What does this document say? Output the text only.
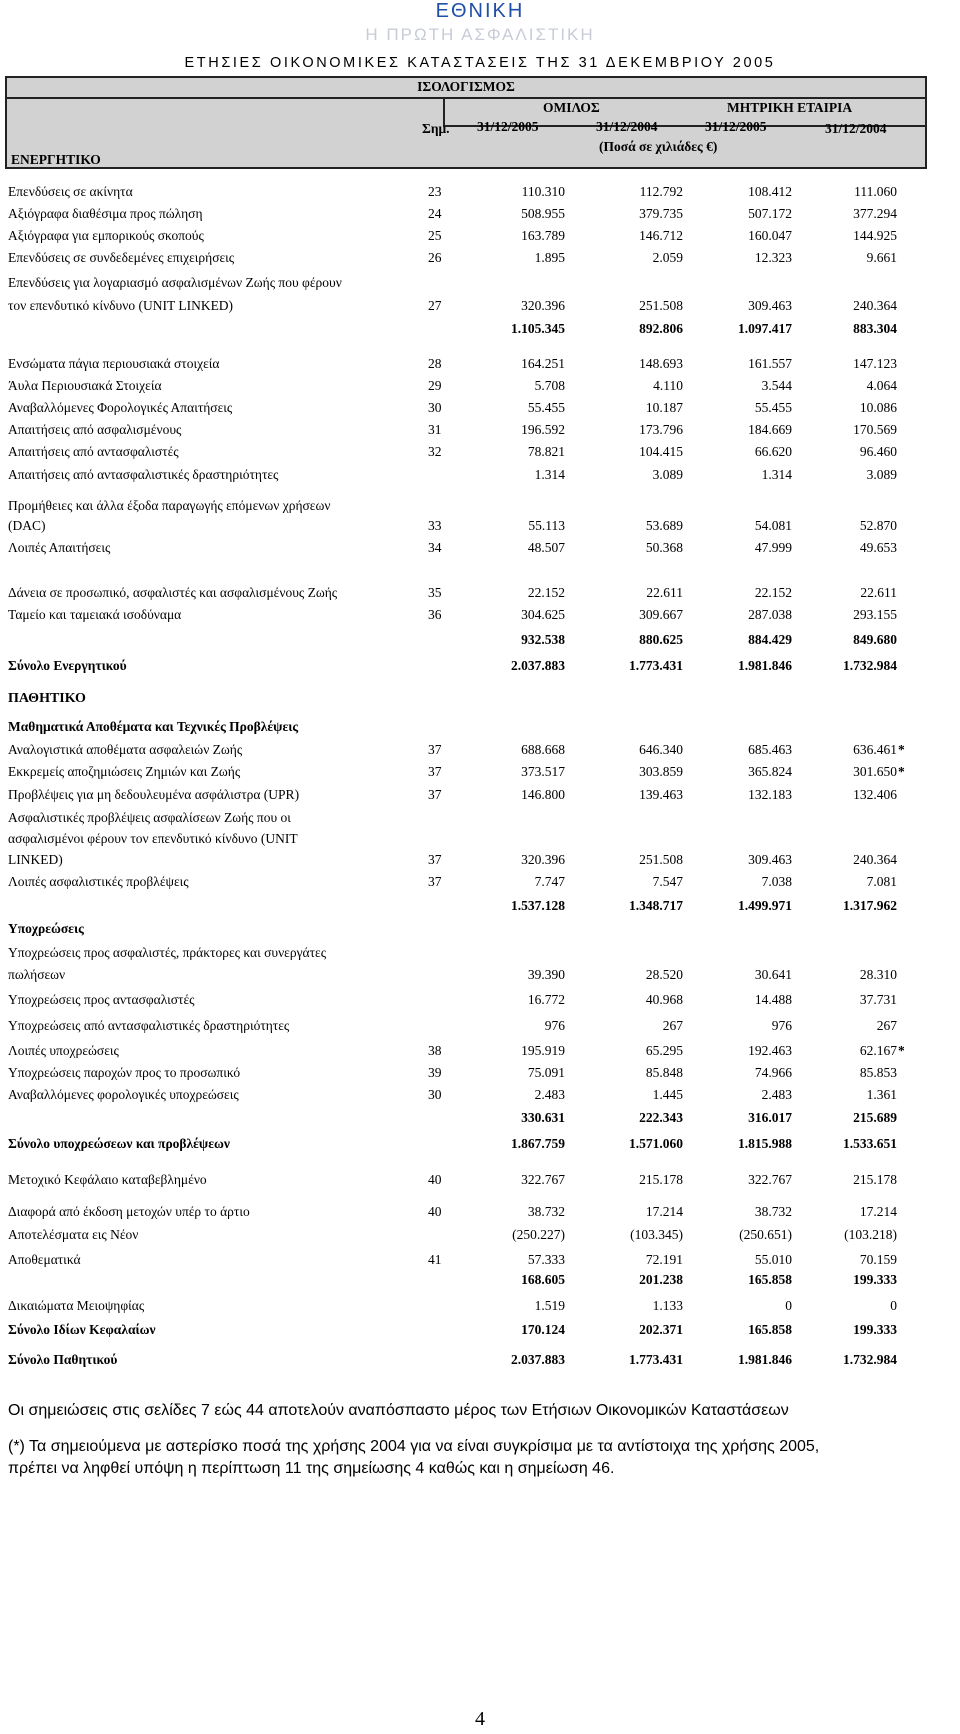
ΕΘΝΙΚΗ
Η ΠΡΩΤΗ ΑΣΦΑΛΙΣΤΙΚΗ
ΕΤΗΣΙΕΣ ΟΙΚΟΝΟΜΙΚΕΣ ΚΑΤΑΣΤΑΣΕΙΣ ΤΗΣ 31 ΔΕΚΕΜΒΡΙΟΥ 2005
ΙΣΟΛΟΓΙΣΜΟΣ
ΟΜΙΛΟΣ	ΜΗΤΡΙΚΗ ΕΤΑΙΡΙΑ
Σημ. 31/12/2005	31/12/2004	31/12/2005	31/12/2004
(Ποσά σε χιλιάδες €)
ΕΝΕΡΓΗΤΙΚΟ
Επενδύσεις σε ακίνητα	23	110.310	112.792	108.412	111.060
Αξιόγραφα διαθέσιμα προς πώληση	24	508.955	379.735	507.172	377.294
Αξιόγραφα για εμπορικούς σκοπούς	25	163.789	146.712	160.047	144.925
Επενδύσεις σε συνδεδεμένες επιχειρήσεις	26	1.895	2.059	12.323	9.661
Επενδύσεις για λογαριασμό ασφαλισμένων Ζωής που φέρουν
τον επενδυτικό κίνδυνο (UNIT LINKED)	27	320.396	251.508	309.463	240.364
1.105.345	892.806	1.097.417	883.304
Ενσώματα πάγια περιουσιακά στοιχεία	28	164.251	148.693	161.557	147.123
Άυλα Περιουσιακά Στοιχεία	29	5.708	4.110	3.544	4.064
Αναβαλλόμενες Φορολογικές Απαιτήσεις	30	55.455	10.187	55.455	10.086
Απαιτήσεις από ασφαλισμένους	31	196.592	173.796	184.669	170.569
Απαιτήσεις από αντασφαλιστές	32	78.821	104.415	66.620	96.460
Απαιτήσεις από αντασφαλιστικές δραστηριότητες	1.314	3.089	1.314	3.089
Προμήθειες και άλλα έξοδα παραγωγής επόμενων χρήσεων
(DAC)	33	55.113	53.689	54.081	52.870
Λοιπές Απαιτήσεις	34	48.507	50.368	47.999	49.653
Δάνεια σε προσωπικό, ασφαλιστές και ασφαλισμένους Ζωής	35	22.152	22.611	22.152	22.611
Ταμείο και ταμειακά ισοδύναμα	36	304.625	309.667	287.038	293.155
932.538	880.625	884.429	849.680
Σύνολο Ενεργητικού	2.037.883	1.773.431	1.981.846	1.732.984
ΠΑΘΗΤΙΚΟ
Μαθηματικά Αποθέματα και Τεχνικές Προβλέψεις
Αναλογιστικά αποθέματα ασφαλειών Ζωής	37	688.668	646.340	685.463	636.461 *
Εκκρεμείς αποζημιώσεις Ζημιών και Ζωής	37	373.517	303.859	365.824	301.650 *
Προβλέψεις για μη δεδουλευμένα ασφάλιστρα (UPR)	37	146.800	139.463	132.183	132.406
Ασφαλιστικές προβλέψεις ασφαλίσεων Ζωής που οι
ασφαλισμένοι φέρουν τον επενδυτικό κίνδυνο (UNIT
LINKED)	37	320.396	251.508	309.463	240.364
Λοιπές ασφαλιστικές προβλέψεις	37	7.747	7.547	7.038	7.081
1.537.128	1.348.717	1.499.971	1.317.962
Υποχρεώσεις
Υποχρεώσεις προς ασφαλιστές, πράκτορες και συνεργάτες
πωλήσεων	39.390	28.520	30.641	28.310
Υποχρεώσεις προς αντασφαλιστές	16.772	40.968	14.488	37.731
Υποχρεώσεις από αντασφαλιστικές δραστηριότητες	976	267	976	267
Λοιπές υποχρεώσεις	38	195.919	65.295	192.463	62.167 *
Υποχρεώσεις παροχών προς το προσωπικό	39	75.091	85.848	74.966	85.853
Αναβαλλόμενες φορολογικές υποχρεώσεις	30	2.483	1.445	2.483	1.361
330.631	222.343	316.017	215.689
Σύνολο υποχρεώσεων και προβλέψεων	1.867.759	1.571.060	1.815.988	1.533.651
Μετοχικό Κεφάλαιο καταβεβλημένο	40	322.767	215.178	322.767	215.178
Διαφορά από έκδοση μετοχών υπέρ το άρτιο	40	38.732	17.214	38.732	17.214
Αποτελέσματα εις Νέον	(250.227)	(103.345)	(250.651)	(103.218)
Αποθεματικά	41	57.333	72.191	55.010	70.159
168.605	201.238	165.858	199.333
Δικαιώματα Μειοψηφίας	1.519	1.133	0	0
Σύνολο Ιδίων Κεφαλαίων	170.124	202.371	165.858	199.333
Σύνολο Παθητικού	2.037.883	1.773.431	1.981.846	1.732.984
Οι σημειώσεις στις σελίδες 7 εώς 44 αποτελούν αναπόσπαστο μέρος των Ετήσιων Οικονομικών Καταστάσεων
(*) Τα σημειούμενα με αστερίσκο ποσά της χρήσης 2004 για να είναι συγκρίσιμα με τα αντίστοιχα της χρήσης 2005,
πρέπει να ληφθεί υπόψη η περίπτωση 11 της σημείωσης 4 καθώς και η σημείωση 46.
4
